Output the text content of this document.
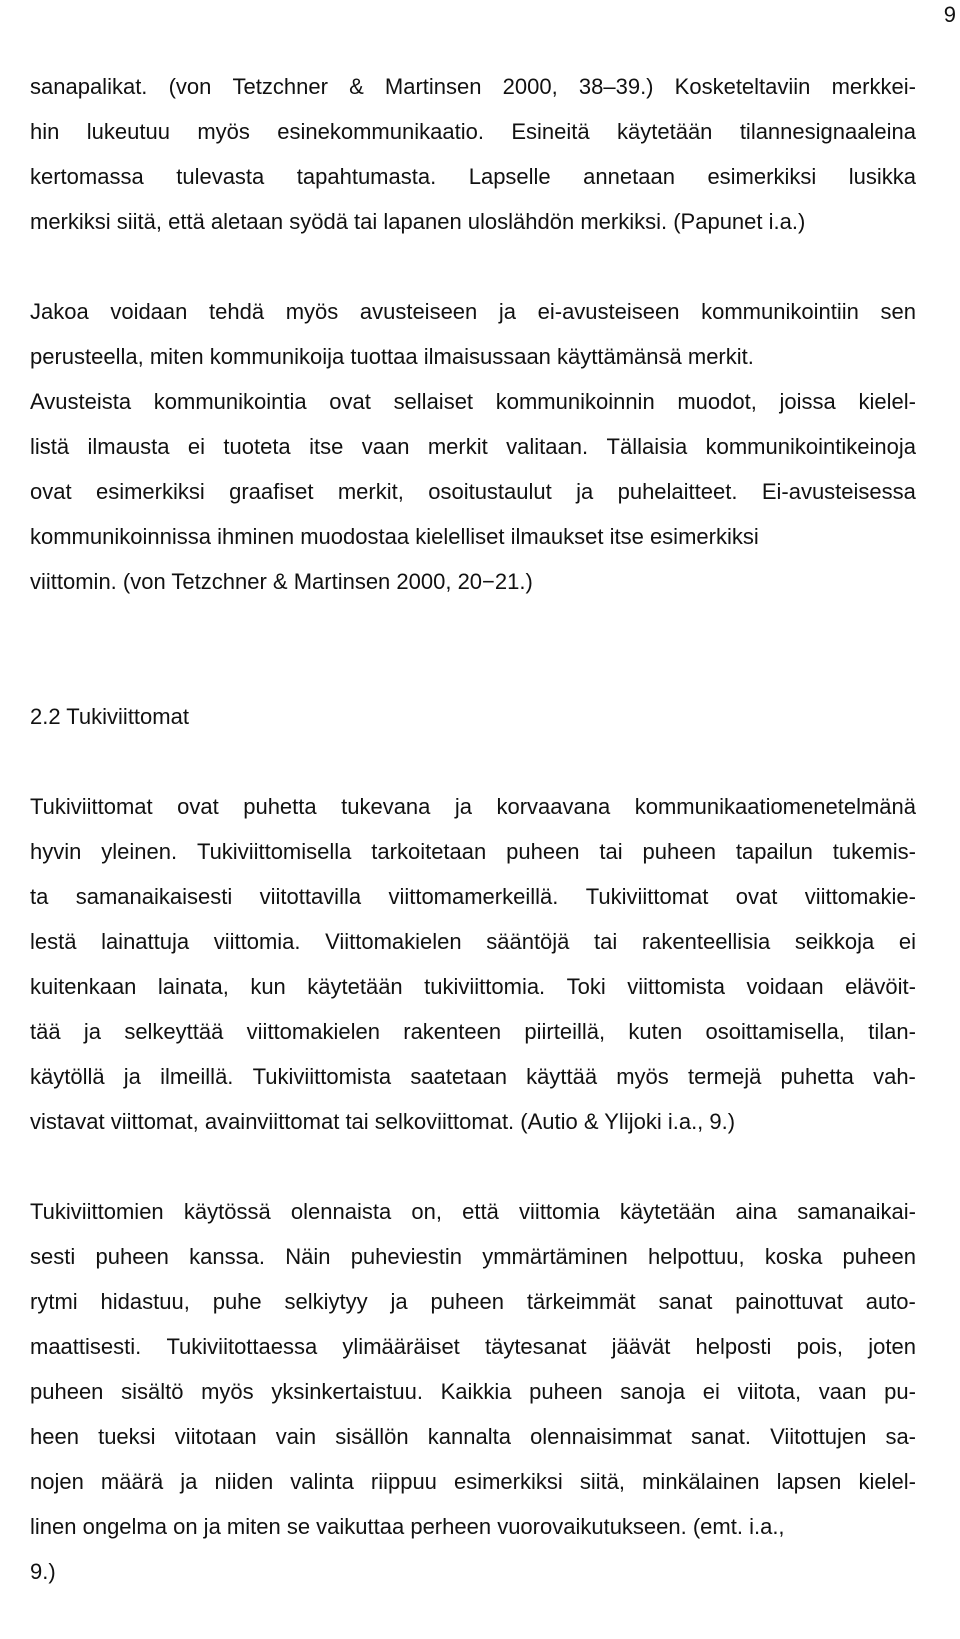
9
sanapalikat. (von Tetzchner & Martinsen 2000, 38–39.) Kosketeltaviin merkkei-
hin lukeutuu myös esinekommunikaatio. Esineitä käytetään tilannesignaaleina
kertomassa tulevasta tapahtumasta. Lapselle annetaan esimerkiksi lusikka
merkiksi siitä, että aletaan syödä tai lapanen uloslähdön merkiksi. (Papunet i.a.)
Jakoa voidaan tehdä myös avusteiseen ja ei-avusteiseen kommunikointiin sen
perusteella, miten kommunikoija tuottaa ilmaisussaan käyttämänsä merkit.
Avusteista kommunikointia ovat sellaiset kommunikoinnin muodot, joissa kielel-
listä ilmausta ei tuoteta itse vaan merkit valitaan. Tällaisia kommunikointikeinoja
ovat esimerkiksi graafiset merkit, osoitustaulut ja puhelaitteet. Ei-avusteisessa
kommunikoinnissa ihminen muodostaa kielelliset ilmaukset itse esimerkiksi
viittomin. (von Tetzchner & Martinsen 2000, 20−21.)
2.2 Tukiviittomat
Tukiviittomat ovat puhetta tukevana ja korvaavana kommunikaatiomenetelmänä
hyvin yleinen. Tukiviittomisella tarkoitetaan puheen tai puheen tapailun tukemis-
ta samanaikaisesti viitottavilla viittomamerkeillä. Tukiviittomat ovat viittomakie-
lestä lainattuja viittomia. Viittomakielen sääntöjä tai rakenteellisia seikkoja ei
kuitenkaan lainata, kun käytetään tukiviittomia. Toki viittomista voidaan elävöit-
tää ja selkeyttää viittomakielen rakenteen piirteillä, kuten osoittamisella, tilan-
käytöllä ja ilmeillä. Tukiviittomista saatetaan käyttää myös termejä puhetta vah-
vistavat viittomat, avainviittomat tai selkoviittomat. (Autio & Ylijoki i.a., 9.)
Tukiviittomien käytössä olennaista on, että viittomia käytetään aina samanaikai-
sesti puheen kanssa. Näin puheviestin ymmärtäminen helpottuu, koska puheen
rytmi hidastuu, puhe selkiytyy ja puheen tärkeimmät sanat painottuvat auto-
maattisesti. Tukiviitottaessa ylimääräiset täytesanat jäävät helposti pois, joten
puheen sisältö myös yksinkertaistuu. Kaikkia puheen sanoja ei viitota, vaan pu-
heen tueksi viitotaan vain sisällön kannalta olennaisimmat sanat. Viitottujen sa-
nojen määrä ja niiden valinta riippuu esimerkiksi siitä, minkälainen lapsen kielel-
linen ongelma on ja miten se vaikuttaa perheen vuorovaikutukseen. (emt. i.a.,
9.)
